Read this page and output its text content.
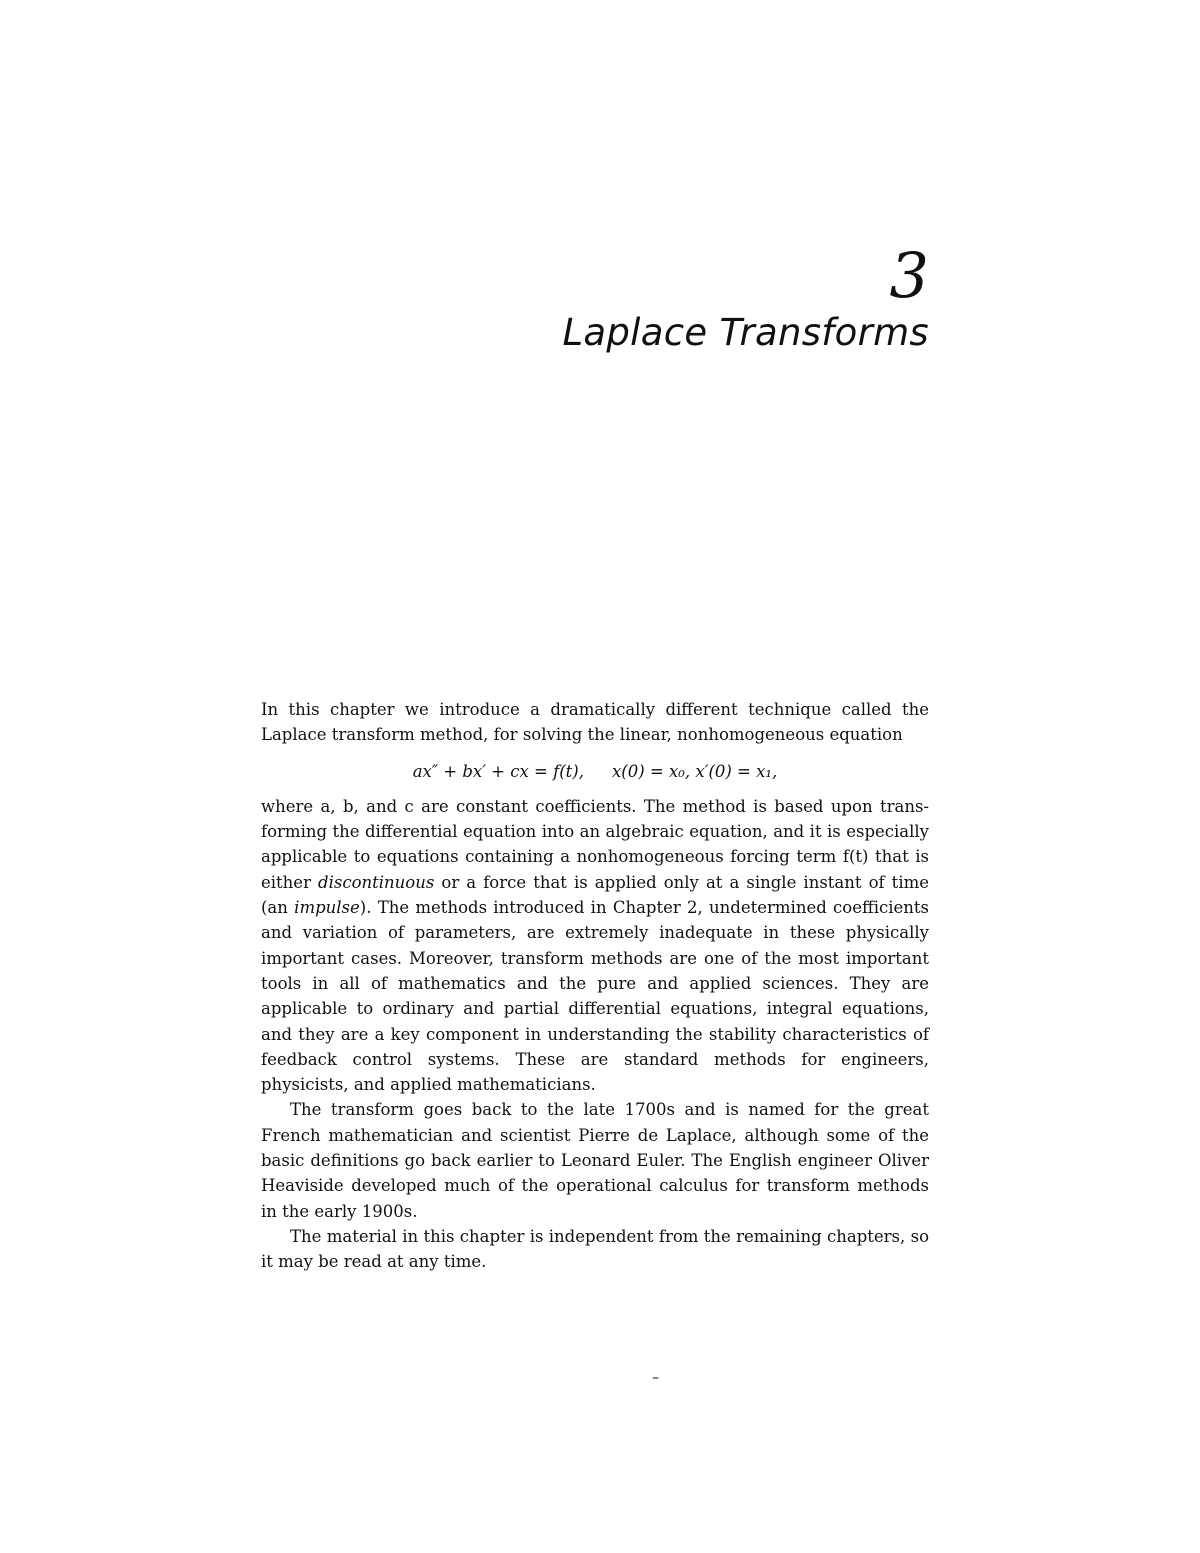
3
Laplace Transforms

In this chapter we introduce a dramatically different technique called the Laplace transform method, for solving the linear, nonhomogeneous equation

ax″ + bx′ + cx = f(t), x(0) = x₀, x′(0) = x₁,

where a, b, and c are constant coefficients. The method is based upon transforming the differential equation into an algebraic equation, and it is especially applicable to equations containing a nonhomogeneous forcing term f(t) that is either discontinuous or a force that is applied only at a single instant of time (an impulse). The methods introduced in Chapter 2, undetermined coefficients and variation of parameters, are extremely inadequate in these physically important cases. Moreover, transform methods are one of the most important tools in all of mathematics and the pure and applied sciences. They are applicable to ordinary and partial differential equations, integral equations, and they are a key component in understanding the stability characteristics of feedback control systems. These are standard methods for engineers, physicists, and applied mathematicians.

The transform goes back to the late 1700s and is named for the great French mathematician and scientist Pierre de Laplace, although some of the basic definitions go back earlier to Leonard Euler. The English engineer Oliver Heaviside developed much of the operational calculus for transform methods in the early 1900s.

The material in this chapter is independent from the remaining chapters, so it may be read at any time.

–
